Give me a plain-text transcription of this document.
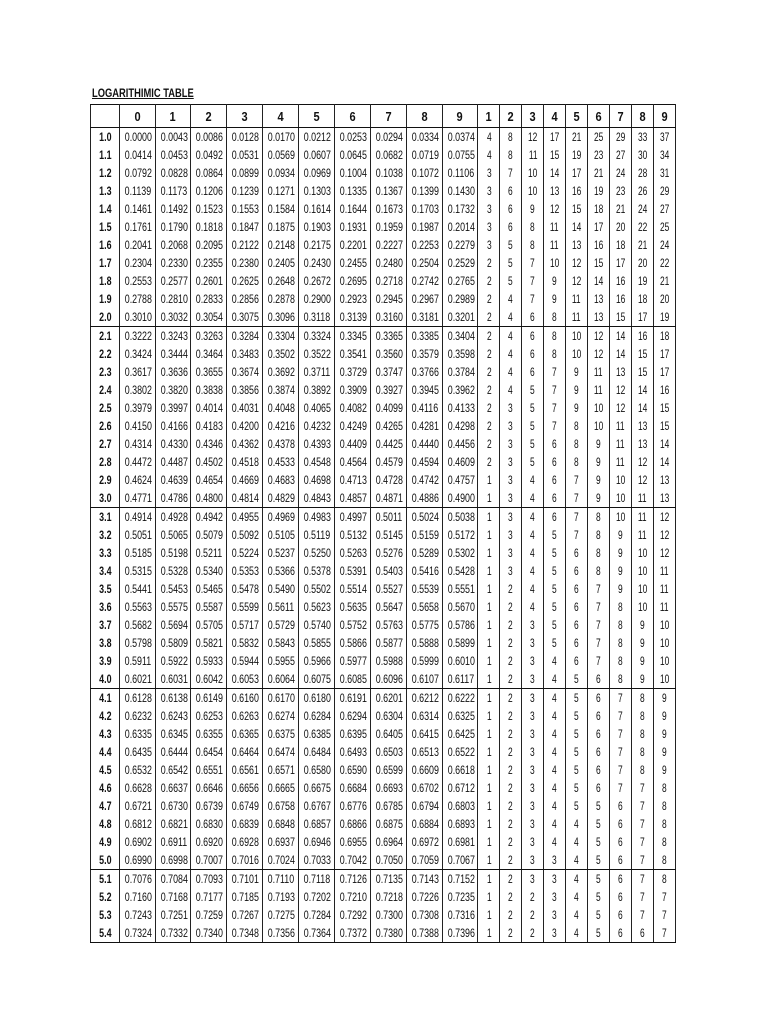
LOGARITHIMIC TABLE
	0	1	2	3	4	5	6	7	8	9	1	2	3	4	5	6	7	8	9
1.0	0.0000	0.0043	0.0086	0.0128	0.0170	0.0212	0.0253	0.0294	0.0334	0.0374	4	8	12	17	21	25	29	33	37
1.1	0.0414	0.0453	0.0492	0.0531	0.0569	0.0607	0.0645	0.0682	0.0719	0.0755	4	8	11	15	19	23	27	30	34
1.2	0.0792	0.0828	0.0864	0.0899	0.0934	0.0969	0.1004	0.1038	0.1072	0.1106	3	7	10	14	17	21	24	28	31
1.3	0.1139	0.1173	0.1206	0.1239	0.1271	0.1303	0.1335	0.1367	0.1399	0.1430	3	6	10	13	16	19	23	26	29
1.4	0.1461	0.1492	0.1523	0.1553	0.1584	0.1614	0.1644	0.1673	0.1703	0.1732	3	6	9	12	15	18	21	24	27
1.5	0.1761	0.1790	0.1818	0.1847	0.1875	0.1903	0.1931	0.1959	0.1987	0.2014	3	6	8	11	14	17	20	22	25
1.6	0.2041	0.2068	0.2095	0.2122	0.2148	0.2175	0.2201	0.2227	0.2253	0.2279	3	5	8	11	13	16	18	21	24
1.7	0.2304	0.2330	0.2355	0.2380	0.2405	0.2430	0.2455	0.2480	0.2504	0.2529	2	5	7	10	12	15	17	20	22
1.8	0.2553	0.2577	0.2601	0.2625	0.2648	0.2672	0.2695	0.2718	0.2742	0.2765	2	5	7	9	12	14	16	19	21
1.9	0.2788	0.2810	0.2833	0.2856	0.2878	0.2900	0.2923	0.2945	0.2967	0.2989	2	4	7	9	11	13	16	18	20
2.0	0.3010	0.3032	0.3054	0.3075	0.3096	0.3118	0.3139	0.3160	0.3181	0.3201	2	4	6	8	11	13	15	17	19
2.1	0.3222	0.3243	0.3263	0.3284	0.3304	0.3324	0.3345	0.3365	0.3385	0.3404	2	4	6	8	10	12	14	16	18
2.2	0.3424	0.3444	0.3464	0.3483	0.3502	0.3522	0.3541	0.3560	0.3579	0.3598	2	4	6	8	10	12	14	15	17
2.3	0.3617	0.3636	0.3655	0.3674	0.3692	0.3711	0.3729	0.3747	0.3766	0.3784	2	4	6	7	9	11	13	15	17
2.4	0.3802	0.3820	0.3838	0.3856	0.3874	0.3892	0.3909	0.3927	0.3945	0.3962	2	4	5	7	9	11	12	14	16
2.5	0.3979	0.3997	0.4014	0.4031	0.4048	0.4065	0.4082	0.4099	0.4116	0.4133	2	3	5	7	9	10	12	14	15
2.6	0.4150	0.4166	0.4183	0.4200	0.4216	0.4232	0.4249	0.4265	0.4281	0.4298	2	3	5	7	8	10	11	13	15
2.7	0.4314	0.4330	0.4346	0.4362	0.4378	0.4393	0.4409	0.4425	0.4440	0.4456	2	3	5	6	8	9	11	13	14
2.8	0.4472	0.4487	0.4502	0.4518	0.4533	0.4548	0.4564	0.4579	0.4594	0.4609	2	3	5	6	8	9	11	12	14
2.9	0.4624	0.4639	0.4654	0.4669	0.4683	0.4698	0.4713	0.4728	0.4742	0.4757	1	3	4	6	7	9	10	12	13
3.0	0.4771	0.4786	0.4800	0.4814	0.4829	0.4843	0.4857	0.4871	0.4886	0.4900	1	3	4	6	7	9	10	11	13
3.1	0.4914	0.4928	0.4942	0.4955	0.4969	0.4983	0.4997	0.5011	0.5024	0.5038	1	3	4	6	7	8	10	11	12
3.2	0.5051	0.5065	0.5079	0.5092	0.5105	0.5119	0.5132	0.5145	0.5159	0.5172	1	3	4	5	7	8	9	11	12
3.3	0.5185	0.5198	0.5211	0.5224	0.5237	0.5250	0.5263	0.5276	0.5289	0.5302	1	3	4	5	6	8	9	10	12
3.4	0.5315	0.5328	0.5340	0.5353	0.5366	0.5378	0.5391	0.5403	0.5416	0.5428	1	3	4	5	6	8	9	10	11
3.5	0.5441	0.5453	0.5465	0.5478	0.5490	0.5502	0.5514	0.5527	0.5539	0.5551	1	2	4	5	6	7	9	10	11
3.6	0.5563	0.5575	0.5587	0.5599	0.5611	0.5623	0.5635	0.5647	0.5658	0.5670	1	2	4	5	6	7	8	10	11
3.7	0.5682	0.5694	0.5705	0.5717	0.5729	0.5740	0.5752	0.5763	0.5775	0.5786	1	2	3	5	6	7	8	9	10
3.8	0.5798	0.5809	0.5821	0.5832	0.5843	0.5855	0.5866	0.5877	0.5888	0.5899	1	2	3	5	6	7	8	9	10
3.9	0.5911	0.5922	0.5933	0.5944	0.5955	0.5966	0.5977	0.5988	0.5999	0.6010	1	2	3	4	6	7	8	9	10
4.0	0.6021	0.6031	0.6042	0.6053	0.6064	0.6075	0.6085	0.6096	0.6107	0.6117	1	2	3	4	5	6	8	9	10
4.1	0.6128	0.6138	0.6149	0.6160	0.6170	0.6180	0.6191	0.6201	0.6212	0.6222	1	2	3	4	5	6	7	8	9
4.2	0.6232	0.6243	0.6253	0.6263	0.6274	0.6284	0.6294	0.6304	0.6314	0.6325	1	2	3	4	5	6	7	8	9
4.3	0.6335	0.6345	0.6355	0.6365	0.6375	0.6385	0.6395	0.6405	0.6415	0.6425	1	2	3	4	5	6	7	8	9
4.4	0.6435	0.6444	0.6454	0.6464	0.6474	0.6484	0.6493	0.6503	0.6513	0.6522	1	2	3	4	5	6	7	8	9
4.5	0.6532	0.6542	0.6551	0.6561	0.6571	0.6580	0.6590	0.6599	0.6609	0.6618	1	2	3	4	5	6	7	8	9
4.6	0.6628	0.6637	0.6646	0.6656	0.6665	0.6675	0.6684	0.6693	0.6702	0.6712	1	2	3	4	5	6	7	7	8
4.7	0.6721	0.6730	0.6739	0.6749	0.6758	0.6767	0.6776	0.6785	0.6794	0.6803	1	2	3	4	5	5	6	7	8
4.8	0.6812	0.6821	0.6830	0.6839	0.6848	0.6857	0.6866	0.6875	0.6884	0.6893	1	2	3	4	4	5	6	7	8
4.9	0.6902	0.6911	0.6920	0.6928	0.6937	0.6946	0.6955	0.6964	0.6972	0.6981	1	2	3	4	4	5	6	7	8
5.0	0.6990	0.6998	0.7007	0.7016	0.7024	0.7033	0.7042	0.7050	0.7059	0.7067	1	2	3	3	4	5	6	7	8
5.1	0.7076	0.7084	0.7093	0.7101	0.7110	0.7118	0.7126	0.7135	0.7143	0.7152	1	2	3	3	4	5	6	7	8
5.2	0.7160	0.7168	0.7177	0.7185	0.7193	0.7202	0.7210	0.7218	0.7226	0.7235	1	2	2	3	4	5	6	7	7
5.3	0.7243	0.7251	0.7259	0.7267	0.7275	0.7284	0.7292	0.7300	0.7308	0.7316	1	2	2	3	4	5	6	7	7
5.4	0.7324	0.7332	0.7340	0.7348	0.7356	0.7364	0.7372	0.7380	0.7388	0.7396	1	2	2	3	4	5	6	6	7
